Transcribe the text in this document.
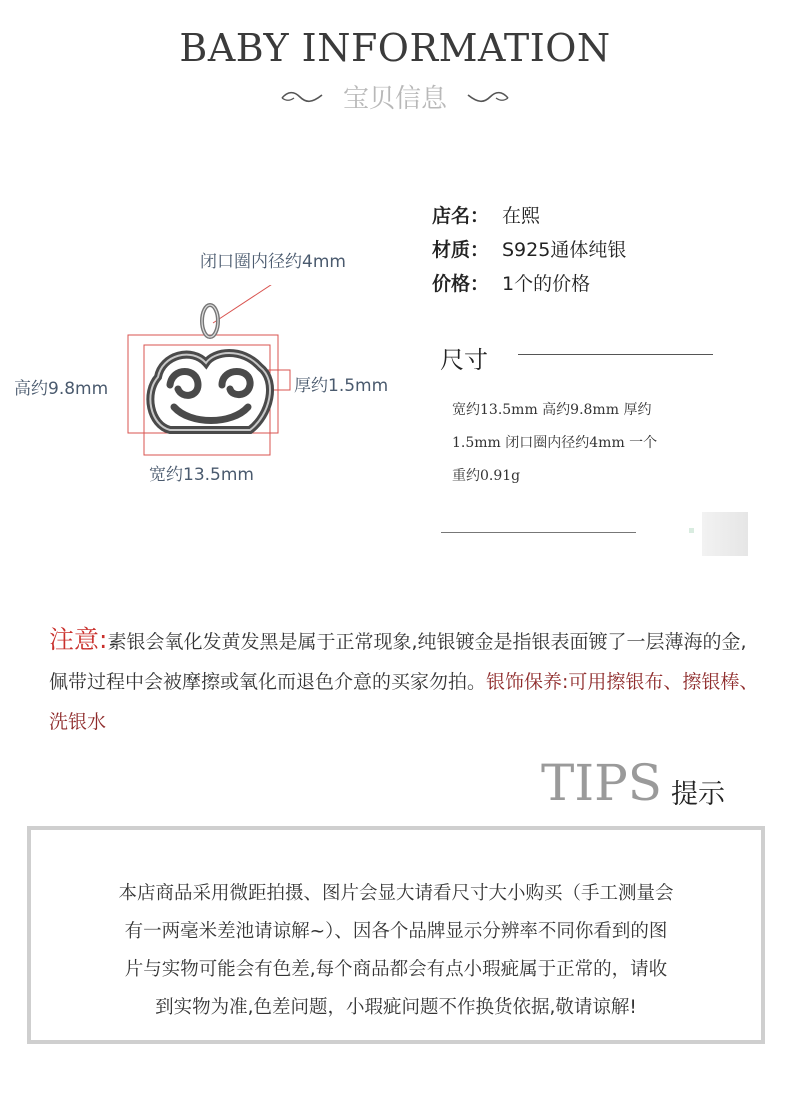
BABY INFORMATION
宝贝信息
闭口圈内径约4mm
高约9.8mm	厚约1.5mm
宽约13.5mm
店名： 在熙
材质： S925通体纯银
价格： 1个的价格
尺寸
宽约13.5mm 高约9.8mm 厚约
1.5mm 闭口圈内径约4mm 一个
重约0.91g
注意:素银会氧化发黄发黑是属于正常现象,纯银镀金是指银表面镀了一层薄海的金,佩带过程中会被摩擦或氧化而退色介意的买家勿拍。银饰保养:可用擦银布、擦银棒、洗银水
TIPS 提示
本店商品采用微距拍摄、图片会显大请看尺寸大小购买（手工测量会
有一两毫米差池请谅解~）、因各个品牌显示分辨率不同你看到的图
片与实物可能会有色差,每个商品都会有点小瑕疵属于正常的，请收
到实物为准,色差问题，小瑕疵问题不作换货依据,敬请谅解!
